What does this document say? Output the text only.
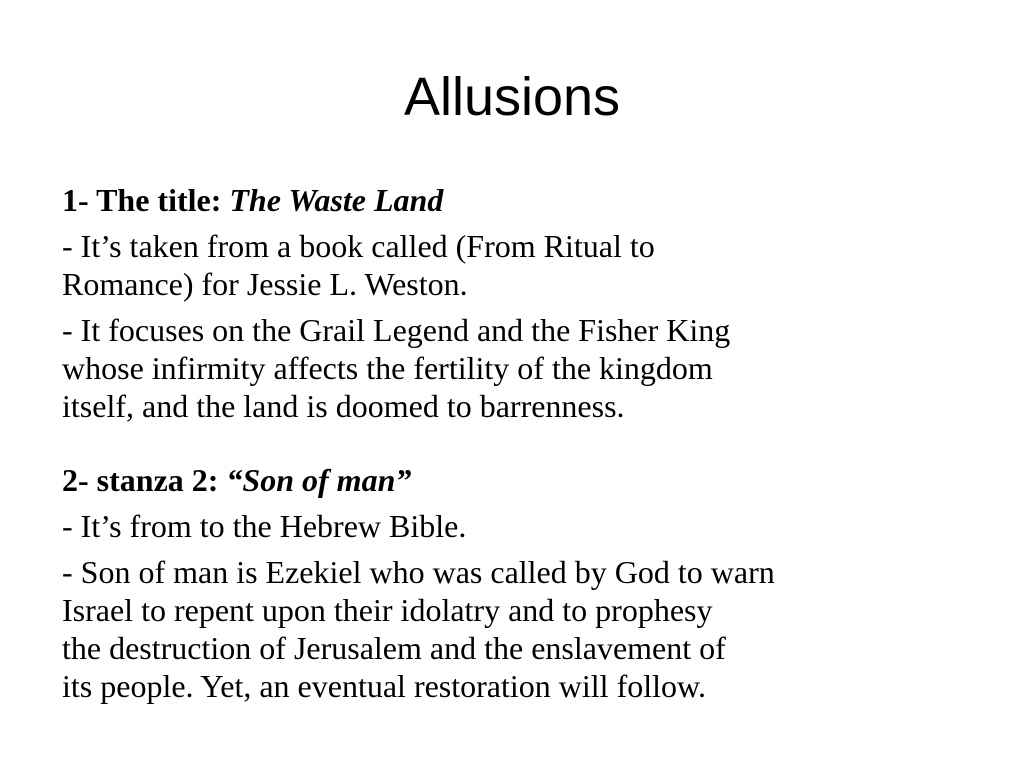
Allusions
1- The title: The Waste Land
- It’s taken from a book called (From Ritual to
Romance) for Jessie L. Weston.
- It focuses on the Grail Legend and the Fisher King
whose infirmity affects the fertility of the kingdom
itself, and the land is doomed to barrenness.
2- stanza 2: “Son of man”
- It’s from to the Hebrew Bible.
- Son of man is Ezekiel who was called by God to warn
Israel to repent upon their idolatry and to prophesy
the destruction of Jerusalem and the enslavement of
its people. Yet, an eventual restoration will follow.
